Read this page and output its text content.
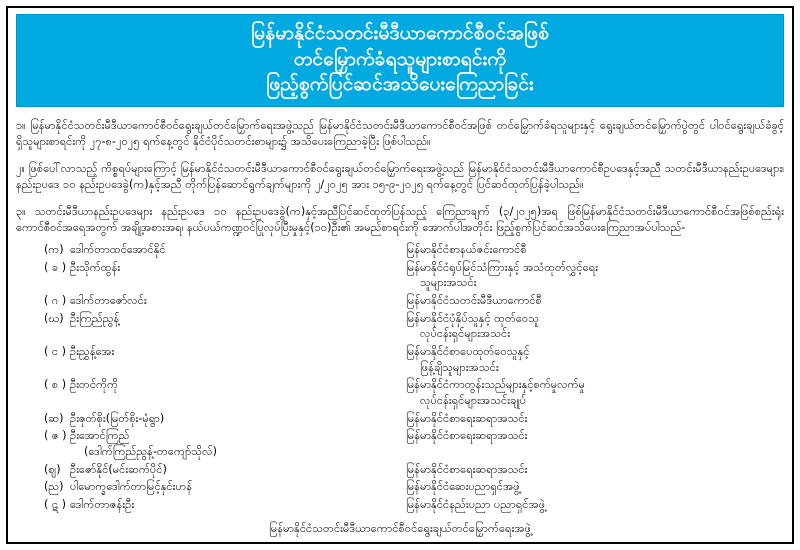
မြန်မာနိုင်ငံသတင်းမီဒီယာကောင်စီဝင်အဖြစ်
တင်မြှောက်ခံရသူများစာရင်းကို
ဖြည့်စွက်ပြင်ဆင်အသိပေးကြေညာခြင်း

၁။ မြန်မာနိုင်ငံသတင်းမီဒီယာကောင်စီဝင်ရွေးချယ်တင်မြှောက်ရေးအဖွဲ့သည် မြန်မာနိုင်ငံသတင်းမီဒီယာကောင်စီဝင်အဖြစ် တင်မြှောက်ခံရသူများနှင့် ရွေးချယ်တင်မြှောက်ပွဲတွင် ပါဝင်ရွေးချယ်ခံခွင့်ရှိသူများစာရင်းကို ၂၇-၈-၂၀၂၅ ရက်နေ့တွင် နိုင်ငံပိုင်သတင်းစာများ၌ အသိပေးကြေညာခဲ့ပြီး ဖြစ်ပါသည်။

၂။ ဖြစ်ပေါ်လာသည့် ကိစ္စရပ်များကြောင့် မြန်မာနိုင်ငံသတင်းမီဒီယာကောင်စီဝင်ရွေးချယ်တင်မြှောက်ရေးအဖွဲ့သည် မြန်မာနိုင်ငံသတင်းမီဒီယာကောင်စီဥပဒေနှင့်အညီ သတင်းမီဒီယာနည်းဥပဒေများ၊ နည်းဥပဒေ ၁၀ နည်းဥပဒေခွဲ(က)နှင့်အညီ တိုက်ပြန်ဆောင်ရွက်ချက်များကို ၂/၂၀၂၅ အား ၁၅-၉-၂၀၂၅ ရက်နေ့တွင် ပြင်ဆင်ထုတ်ပြန်ခဲ့ပါသည်။

၃။ သတင်းမီဒီယာနည်းဥပဒေများ နည်းဥပဒေ ၁၀ နည်းဥပဒေခွဲ(က)နှင့်အညီပြင်ဆင်ထုတ်ပြန်သည့် ကြေညာချက် (၃/၂၀၂၅)အရ ဖြစ်မြန်မာနိုင်ငံသတင်းမီဒီယာကောင်စီဝင်အဖြစ်စည်းရုံး ကောင်စီဝင်အရေအတွက် အချို့အစားအရ၊ နယ်ပယ်ကဏ္ဍဝင်ပြုလုပ်ပြီးမှုနှင့်(၁၀)ဦး၏ အမည်စာရင်းကို အောက်ပါအတိုင်း ဖြည့်စွက်ပြင်ဆင်အသိပေးကြေညာအပ်ပါသည်-

(က)	ဒေါက်တာထင်အောင်နိုင်	မြန်မာနိုင်ငံစာနယ်ဇင်းကောင်စီ
( ခ )	ဦးသိုက်ထွန်း	မြန်မာနိုင်ငံရုပ်မြင်သံကြားနှင့် အသံထုတ်လွှင့်ရေး
သူများအသင်း

( ဂ )	ဒေါက်တာဇော်လင်း	မြန်မာနိုင်ငံသတင်းမီဒီယာကောင်စီ
(ဃ)	ဦးကြည်ညွန့်	မြန်မာနိုင်ငံပုံနှိပ်သူနှင့် ထုတ်ဝေသူ
လုပ်ငန်းရှင်များအသင်း

( င )	ဦးညွှန့်အေး	မြန်မာနိုင်ငံစာပေထုတ်ဝေသူနှင့်
ဖြန့်ချိသူများအသင်း

( စ )	ဦးတင်ကိုကို	မြန်မာနိုင်ငံကာတွန်းသည်များနှင့်စက်မှုလက်မှု
လုပ်ငန်းရှင်များအသင်းချုပ်

(ဆ)	ဦးဇုတ်စိုး(မြတ်စိုး-မုံရွာ)	မြန်မာနိုင်ငံစာရေးဆရာအသင်း
( ဇ )	ဦးအောင်ကြည်
(ဒေါက်ကြည်ညွန့်-တကျော်သိုလ်)	မြန်မာနိုင်ငံစာရေးဆရာအသင်း
(ဈ)	ဦးဇော်နိုင်(မင်းဆက်ပိုင်)	မြန်မာနိုင်ငံစာရေးဆရာအသင်း
(ည)	ပါမောက္ခဒေါက်တာမြင့်နှင်းဟန်	မြန်မာနိုင်ငံဆေးပညာရှင်အဖွဲ့
( ဋ )	ဒေါက်တာဇန်းဦး	မြန်မာနိုင်ငံနည်းပညာ ပညာရှင်အဖွဲ့
မြန်မာနိုင်ငံသတင်းမီဒီယာကောင်စီဝင်ရွေးချယ်တင်မြှောက်ရေးအဖွဲ့
